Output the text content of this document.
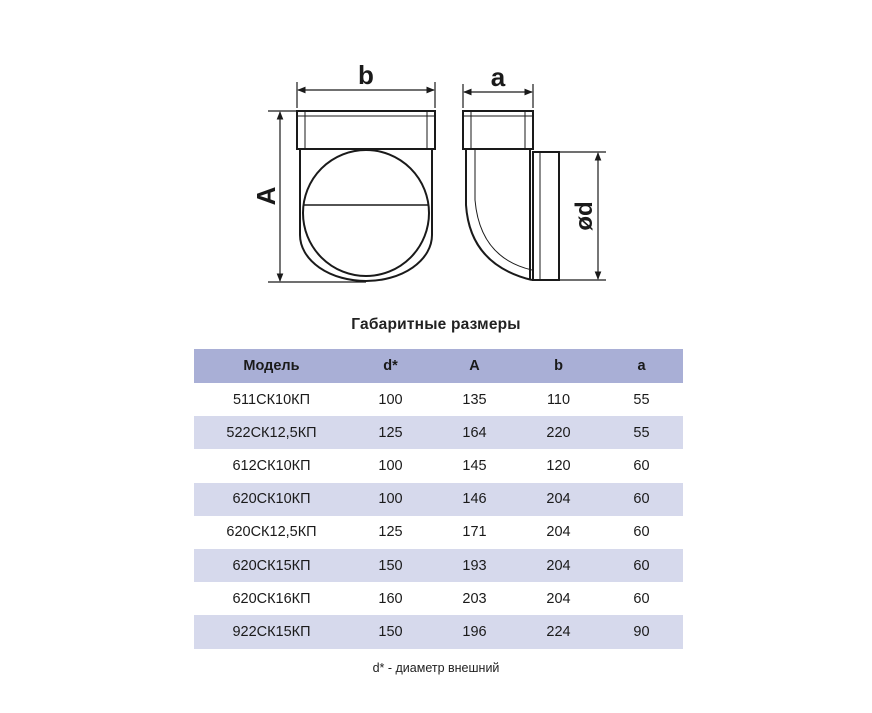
b
A
a
ød
Габаритные размеры
Модель	d*	A	b	a
511СК10КП	100	135	110	55
522СК12,5КП	125	164	220	55
612СК10КП	100	145	120	60
620СК10КП	100	146	204	60
620СК12,5КП	125	171	204	60
620СК15КП	150	193	204	60
620СК16КП	160	203	204	60
922СК15КП	150	196	224	90
d* - диаметр внешний
